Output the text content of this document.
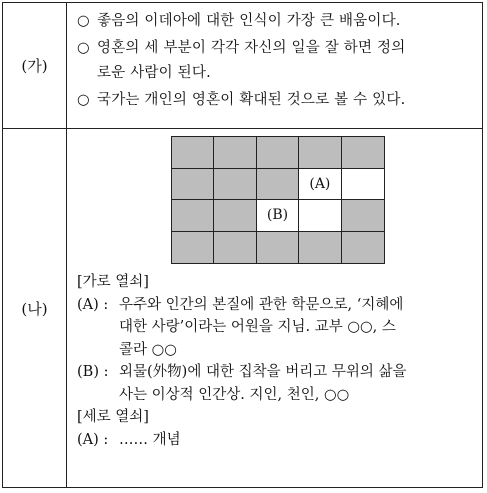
(가)
○ 좋음의 이데아에 대한 인식이 가장 큰 배움이다.
○ 영혼의 세 부분이 각각 자신의 일을 잘 하면 정의
로운 사람이 된다.
○ 국가는 개인의 영혼이 확대된 것으로 볼 수 있다.
(나)
(A)
(B)
[가로 열쇠]
(A) : 우주와 인간의 본질에 관한 학문으로, ‘지혜에
대한 사랑’이라는 어원을 지님. 교부 ○○, 스
콜라 ○○
(B) : 외물(外物)에 대한 집착을 버리고 무위의 삶을
사는 이상적 인간상. 지인, 천인, ○○
[세로 열쇠]
(A) : …… 개념
